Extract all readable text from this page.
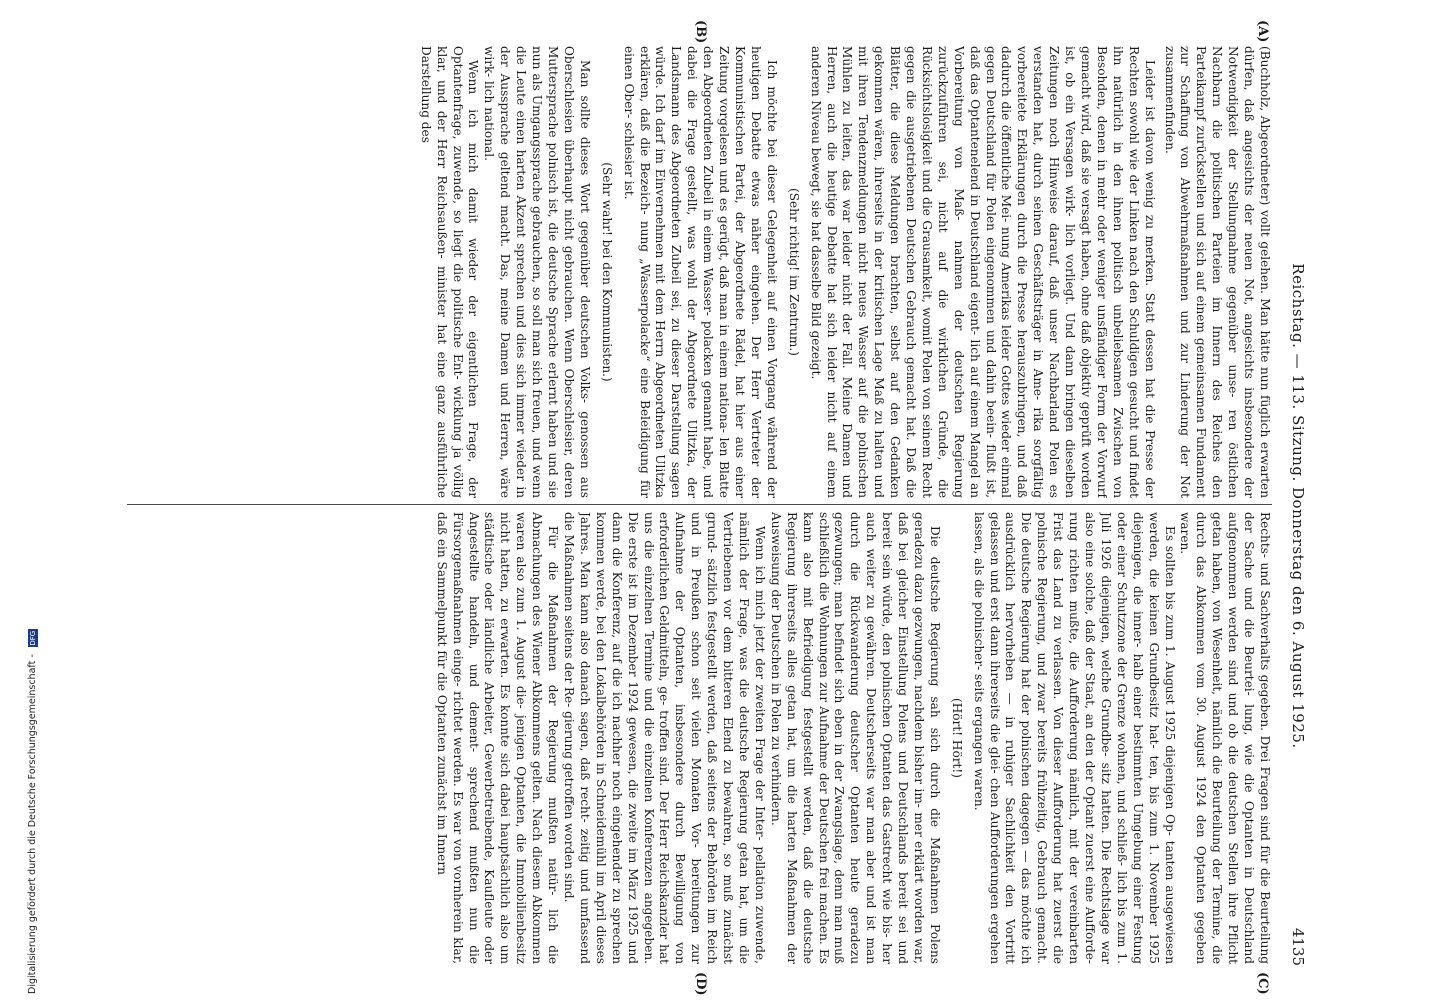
Reichstag. — 113. Sitzung. Donnerstag den 6. August 1925.
4135
(A)
(B)
(C)
(D)

(Buchholz, Abgeordneter) vollt gelehen. Man hätte nun füglich erwarten dürfen, daß angesichts der neuen Not, angesichts insbesondere der Notwendigkeit der Stellungnahme gegenüber unse- ren östlichen Nachbarn die politischen Parteien im Innern des Reiches den Parteikampf zurückstellen und sich auf einem gemeinsamen Fundament zur Schaffung von Abwehrmaßnahmen und zur Linderung der Not zusammenfinden.

Leider ist davon wenig zu merken. Statt dessen hat die Presse der Rechten sowohl wie der Linken nach den Schuldigen gesucht und findet ihn natürlich in den ihnen politisch unbeliebsamen Zwischen von Besohden, denen in mehr oder weniger unsfändiger Form der Vorwurf gemacht wird, daß sie versagt haben, ohne daß objektiv geprüft worden ist, ob ein Versagen wirk- lich vorliegt. Und dann bringen dieselben Zeitungen noch Hinweise darauf, daß unser Nachbarland Polen es verstanden hat, durch seinen Geschäftsträger in Ame- rika sorgfältig vorbereitete Erklärungen durch die Presse herauszubringen, und daß dadurch die öffentliche Mei- nung Amerikas leider Gottes wieder einmal gegen Deutschland für Polen eingenommen und dahin beein- flußt ist, daß das Optantenelend in Deutschland eigent- lich auf einem Mangel an Vorbereitung von Maß- nahmen der deutschen Regierung zurückzuführen sei, nicht auf die wirklichen Gründe, die Rücksichtslosigkeit und die Grausamkeit, womit Polen von seinem Recht gegen die ausgetriebenen Deutschen Gebrauch gemacht hat. Daß die Blätter, die diese Meldungen brachten, selbst auf den Gedanken gekommen wären, ihrerseits in der kritischen Lage Maß zu halten und mit ihren Tendenzmeldungen nicht neues Wasser auf die polnischen Mühlen zu leiten, das war leider nicht der Fall. Meine Damen und Herren, auch die heutige Debatte hat sich leider nicht auf einem anderen Niveau bewegt, sie hat dasselbe Bild gezeigt.

(Sehr richtig! im Zentrum.)

Ich möchte bei dieser Gelegenheit auf einen Vorgang während der heutigen Debatte etwas näher eingehen. Der Herr Vertreter der Kommunistischen Partei, der Abgeordnete Rädel, hat hier aus einer Zeitung vorgelesen und es gerügt, daß man in einem nationa- len Blatte den Abgeordneten Zubeil in einem Wasser- polacken genannt habe, und dabei die Frage gestellt, was wohl der Abgeordnete Ulitzka, der Landsmann des Abgeordneten Zubeil sei, zu dieser Darstellung sagen würde. Ich darf im Einvernehmen mit dem Herrn Abgeordneten Ulitzka erklären, daß die Bezeich- nung „Wasserpolacke“ eine Beleidigung für einen Ober- schlesier ist.

(Sehr wahr! bei den Kommunisten.)

Man sollte dieses Wort gegenüber deutschen Volks- genossen aus Oberschlesien überhaupt nicht gebrauchen. Wenn Oberschlesier, deren Muttersprache polnisch ist, die deutsche Sprache erlernt haben und sie nun als Umgangssprache gebrauchen, so soll man sich freuen, und wenn die Leute einen harten Akzent sprechen und dies sich immer wieder in der Aussprache geltend macht. Das, meine Damen und Herren, wäre wirk- lich national.

Wenn ich mich damit wieder der eigentlichen Frage, der Optantenfrage, zuwende, so liegt die politische Ent- wicklung ja völlig klar, und der Herr Reichsaußen- minister hat eine ganz ausführliche Darstellung des

Rechts- und Sachverhalts gegeben. Drei Fragen sind für die Beurteilung der Sache und die Beurtei- lung, wie die Optanten in Deutschland aufgenommen werden sind und ob die deutschen Stellen ihre Pflicht getan haben, von Wesenheit, nämlich die Beurteilung der Termine, die durch das Abkommen vom 30. August 1924 den Optanten gegeben waren.

Es sollten bis zum 1. August 1925 diejenigen Op- tanten ausgewiesen werden, die keinen Grundbesitz hat- ten, bis zum 1. November 1925 diejenigen, die inner- halb einer bestimmten Umgebung einer Festung oder einer Schutzzone der Grenze wohnen, und schließ- lich bis zum 1. Juli 1926 diejenigen, welche Grundbe- sitz hatten. Die Rechtslage war also eine solche, daß der Staat, an den der Optant zuerst eine Aufforde- rung richten mußte, die Aufforderung nämlich, mit der vereinbarten Frist das Land zu verlassen. Von dieser Aufforderung hat zuerst die polnische Regierung, und zwar bereits frühzeitig, Gebrauch gemacht. Die deutsche Regierung hat der polnischen dagegen — das möchte ich ausdrücklich hervorheben — in ruhiger Sachlichkeit den Vortritt gelassen und erst dann ihrerseits die glei- chen Aufforderungen ergehen lassen, als die polnischer- seits ergangen waren.

(Hört! Hört!)

Die deutsche Regierung sah sich durch die Maßnahmen Polens geradezu dazu gezwungen, nachdem bisher im- mer erklärt worden war, daß bei gleicher Einstellung Polens und Deutschlands bereit sei und bereit sein würde, den polnischen Optanten das Gastrecht wie bis- her auch weiter zu gewähren. Deutscherseits war man aber und ist man durch die Rückwanderung deutscher Optanten heute geradezu gezwungen; man befindet sich eben in der Zwangslage, denn man muß schließlich die Wohnungen zur Aufnahme der Deutschen frei machen. Es kann also mit Befriedigung festgestellt werden, daß die deutsche Regierung ihrerseits alles getan hat, um die harten Maßnahmen der Ausweisung der Deutschen in Polen zu verhindern.

Wenn ich mich jetzt der zweiten Frage der Inter- pellation zuwende, nämlich der Frage, was die deutsche Regierung getan hat, um die Vertriebenen vor dem bitteren Elend zu bewahren, so muß zunächst grund- sätzlich festgestellt werden, daß seitens der Behörden im Reich und in Preußen schon seit vielen Monaten Vor- bereitungen zur Aufnahme der Optanten, insbesondere durch Bewilligung von erforderlichen Geldmitteln, ge- troffen sind. Der Herr Reichskanzler hat uns die einzelnen Termine und die einzelnen Konferenzen angegeben. Die erste ist im Dezember 1924 gewesen, die zweite im März 1925 und dann die Konferenz, auf die ich nachher noch eingehender zu sprechen kommen werde, bei den Lokalbehörden in Schneidemühl im April dieses Jahres. Man kann also danach sagen, daß recht- zeitig und umfassend die Maßnahmen seitens der Re- gierung getroffen worden sind.

Für die Maßnahmen der Regierung mußten natür- lich die Abmachungen des Wiener Abkommens gelten. Nach diesem Abkommen waren also zum 1. August die- jenigen Optanten, die Immobilienbesitz nicht hatten, zu erwarten. Es konnte sich dabei hauptsächlich also um städtische oder ländliche Arbeiter, Gewerbetreibende, Kaufleute oder Angestellte handeln, und dement- sprechend mußten nun die Fürsorgemaßnahmen einge- richtet werden. Es war von vornherein klar, daß ein Sammelpunkt für die Optanten zunächst im Innern

Digitalisierung gefördert durch die Deutsche Forschungsgemeinschaft - DFG
